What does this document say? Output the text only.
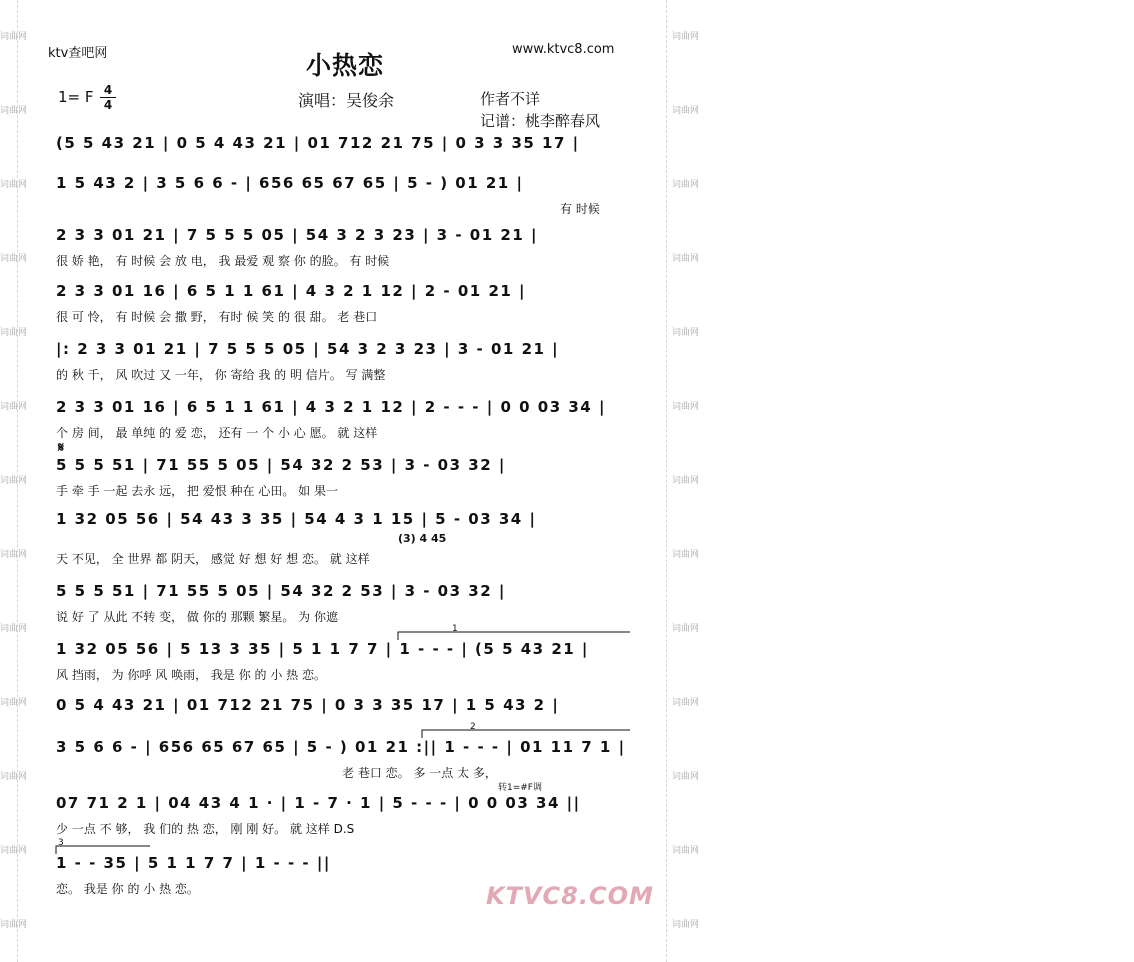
词曲网
词曲网
词曲网
词曲网
词曲网
词曲网
词曲网
词曲网
词曲网
词曲网
词曲网
词曲网
词曲网
词曲网
词曲网
词曲网
词曲网
词曲网
词曲网
词曲网
词曲网
词曲网
词曲网
词曲网
词曲网
词曲网
ktv查吧网	www.ktvc8.com
小热恋
1= F 4
4	演唱：吴俊余	作者不详
记谱：桃李醉春风
(5 5 43 21 | 0 5 4 43 21 | 01 712 21 75 | 0 3 3 35 17 |
1 5 43 2 | 3 5 6 6 - | 656 65 67 65 | 5 - ) 01 21 |
有 时候
2 3 3 01 21 | 7 5 5 5 05 | 54 3 2 3 23 | 3 - 01 21 |
很 娇 艳， 有 时候 会 放 电， 我 最爱 观 察 你 的脸。 有 时候
2 3 3 01 16 | 6 5 1 1 61 | 4 3 2 1 12 | 2 - 01 21 |
很 可 怜， 有 时候 会 撒 野， 有时 候 笑 的 很 甜。 老 巷口
|: 2 3 3 01 21 | 7 5 5 5 05 | 54 3 2 3 23 | 3 - 01 21 |
的 秋 千， 风 吹过 又 一年， 你 寄给 我 的 明 信片。 写 满整
2 3 3 01 16 | 6 5 1 1 61 | 4 3 2 1 12 | 2 - - - | 0 0 03 34 |
个 房 间， 最 单纯 的 爱 恋， 还有 一 个 小 心 愿。 就 这样
𝄋
5 5 5 51 | 71 55 5 05 | 54 32 2 53 | 3 - 03 32 |
手 牵 手 一起 去永 远， 把 爱恨 种在 心田。 如 果一
1 32 05 56 | 54 43 3 35 | 54 4 3 1 15 | 5 - 03 34 |
天 不见， 全 世界 都 阴天， 感觉 好 想 好 想 恋。 就 这样
(3) 4 45
5 5 5 51 | 71 55 5 05 | 54 32 2 53 | 3 - 03 32 |
说 好 了 从此 不转 变， 做 你的 那颗 繁星。 为 你遮
1 32 05 56 | 5 13 3 35 | 5 1 1 7 7 | 1 - - - | (5 5 43 21 |
风 挡雨， 为 你呼 风 唤雨， 我是 你 的 小 热 恋。
0 5 4 43 21 | 01 712 21 75 | 0 3 3 35 17 | 1 5 43 2 |
3 5 6 6 - | 656 65 67 65 | 5 - ) 01 21 :|| 1 - - - | 01 11 7 1 |
老 巷口 恋。 多 一点 太 多，
转1=#F调
07 71 2 1 | 04 43 4 1 · | 1 - 7 · 1 | 5 - - - | 0 0 03 34 ||
少 一点 不 够， 我 们的 热 恋， 刚 刚 好。 就 这样 D.S
1 - - 35 | 5 1 1 7 7 | 1 - - - ||
恋。 我是 你 的 小 热 恋。
1
2
3
KTVC8.COM
